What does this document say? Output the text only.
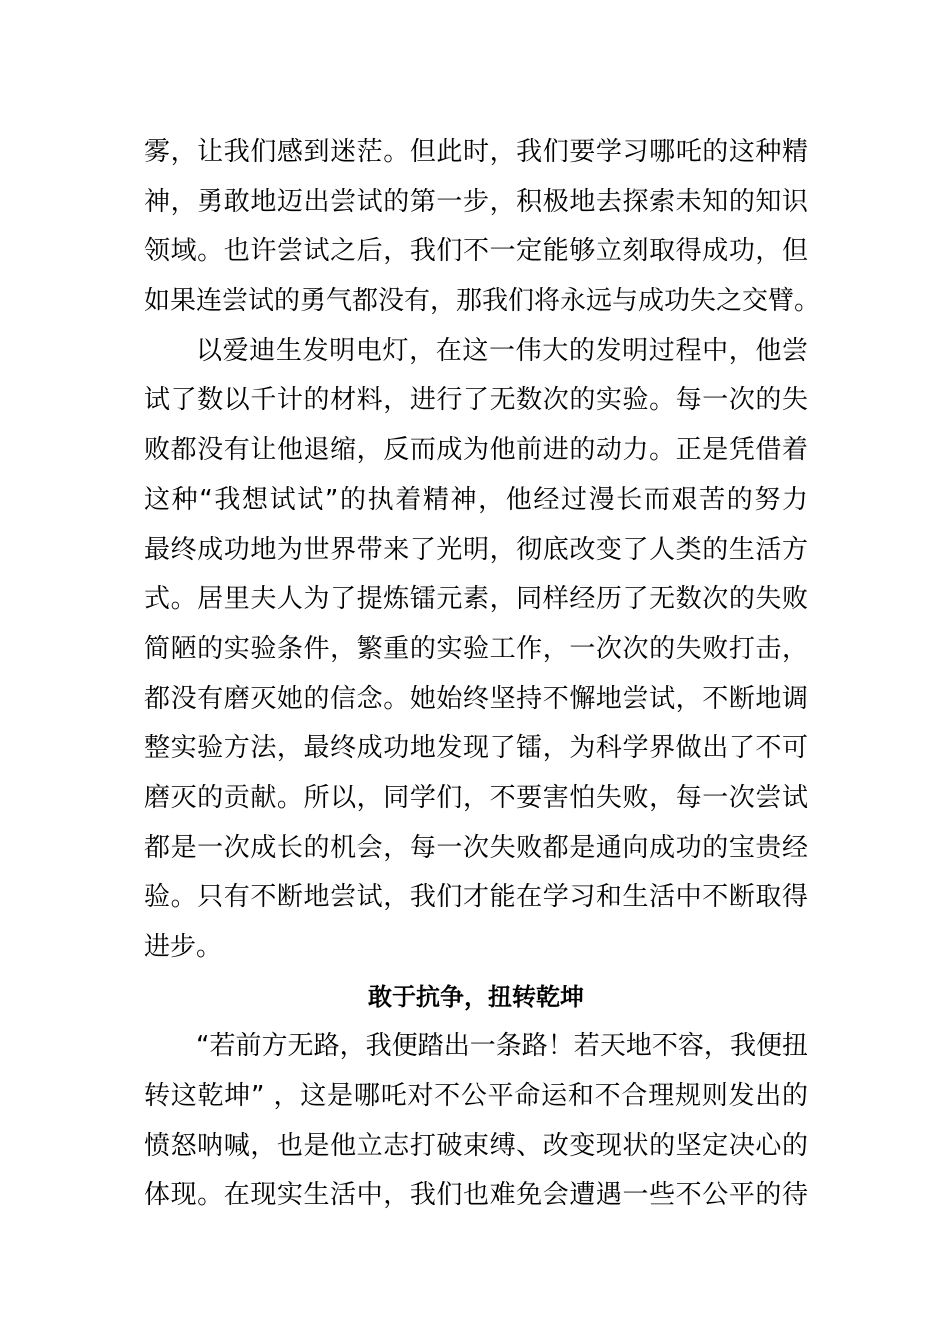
雾，让我们感到迷茫。但此时，我们要学习哪吒的这种精
神，勇敢地迈出尝试的第一步，积极地去探索未知的知识
领域。也许尝试之后，我们不一定能够立刻取得成功，但
如果连尝试的勇气都没有，那我们将永远与成功失之交臂。
以爱迪生发明电灯，在这一伟大的发明过程中，他尝
试了数以千计的材料，进行了无数次的实验。每一次的失
败都没有让他退缩，反而成为他前进的动力。正是凭借着
这种“我想试试”的执着精神，他经过漫长而艰苦的努力
最终成功地为世界带来了光明，彻底改变了人类的生活方
式。居里夫人为了提炼镭元素，同样经历了无数次的失败
简陋的实验条件，繁重的实验工作，一次次的失败打击，
都没有磨灭她的信念。她始终坚持不懈地尝试，不断地调
整实验方法，最终成功地发现了镭，为科学界做出了不可
磨灭的贡献。所以，同学们，不要害怕失败，每一次尝试
都是一次成长的机会，每一次失败都是通向成功的宝贵经
验。只有不断地尝试，我们才能在学习和生活中不断取得
进步。
敢于抗争，扭转乾坤
“若前方无路，我便踏出一条路！若天地不容，我便扭
转这乾坤” ，这是哪吒对不公平命运和不合理规则发出的
愤怒呐喊，也是他立志打破束缚、改变现状的坚定决心的
体现。在现实生活中，我们也难免会遭遇一些不公平的待
